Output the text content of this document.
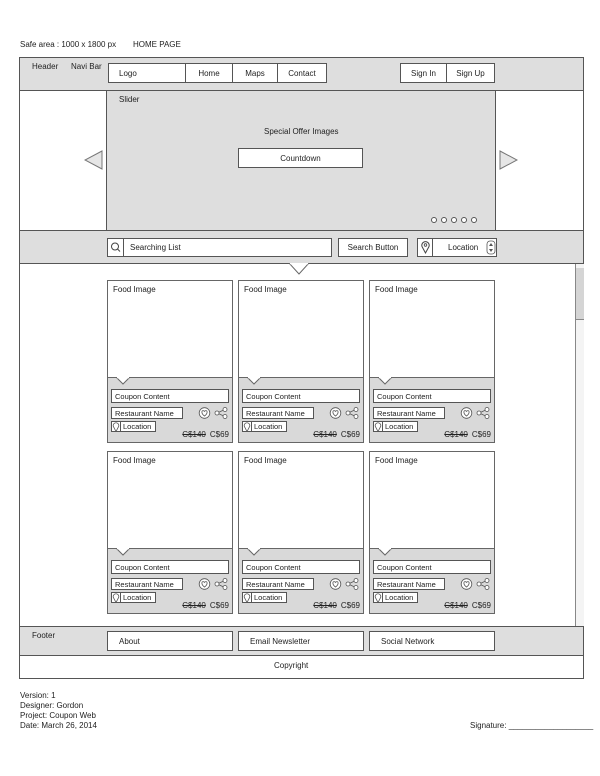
Safe area : 1000 x 1800 px HOME PAGE
Header Navi Bar
Logo	Home	Maps	Contact	Sign In	Sign Up
Slider
Special Offer Images
Countdown
Searching List	Search Button	Location
Food Image
Coupon Content
Restaurant Name
Location
C$140 C$69
Food Image
Coupon Content
Restaurant Name
Location
C$140 C$69
Food Image
Coupon Content
Restaurant Name
Location
C$140 C$69
Food Image
Coupon Content
Restaurant Name
Location
C$140 C$69
Food Image
Coupon Content
Restaurant Name
Location
C$140 C$69
Food Image
Coupon Content
Restaurant Name
Location
C$140 C$69
Footer
About	Email Newsletter	Social Network
Copyright
Version: 1
Designer: Gordon
Project: Coupon Web
Date: March 26, 2014	Signature: ___________________
